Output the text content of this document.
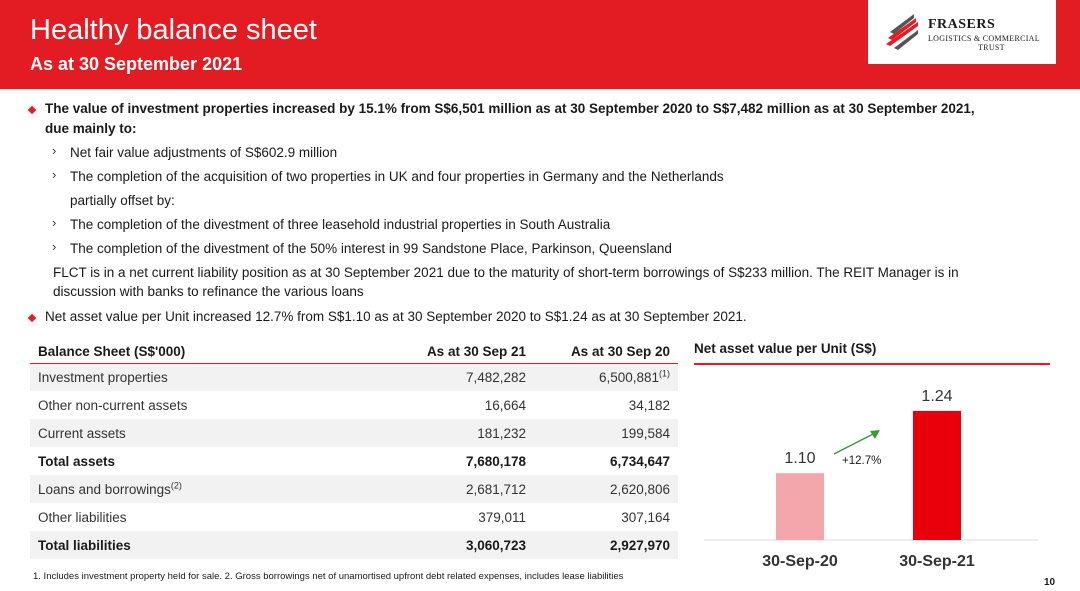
Healthy balance sheet
As at 30 September 2021
FRASERS
LOGISTICS & COMMERCIAL
TRUST
The value of investment properties increased by 15.1% from S$6,501 million as at 30 September 2020 to S$7,482 million as at 30 September 2021,
due mainly to:
› Net fair value adjustments of S$602.9 million
› The completion of the acquisition of two properties in UK and four properties in Germany and the Netherlands
partially offset by:
› The completion of the divestment of three leasehold industrial properties in South Australia
› The completion of the divestment of the 50% interest in 99 Sandstone Place, Parkinson, Queensland
FLCT is in a net current liability position as at 30 September 2021 due to the maturity of short-term borrowings of S$233 million. The REIT Manager is in
discussion with banks to refinance the various loans
Net asset value per Unit increased 12.7% from S$1.10 as at 30 September 2020 to S$1.24 as at 30 September 2021.
Balance Sheet (S$'000)	As at 30 Sep 21	As at 30 Sep 20
Investment properties	7,482,282	6,500,881$^{(1)}$
Other non-current assets	16,664	34,182
Current assets	181,232	199,584
Total assets	7,680,178	6,734,647
Loans and borrowings$^{(2)}$	2,681,712	2,620,806
Other liabilities	379,011	307,164
Total liabilities	3,060,723	2,927,970
Net asset value per Unit (S$)
1.10
30-Sep-20
1.24
30-Sep-21
+12.7%
1. Includes investment property held for sale. 2. Gross borrowings net of unamortised upfront debt related expenses, includes lease liabilities
10
